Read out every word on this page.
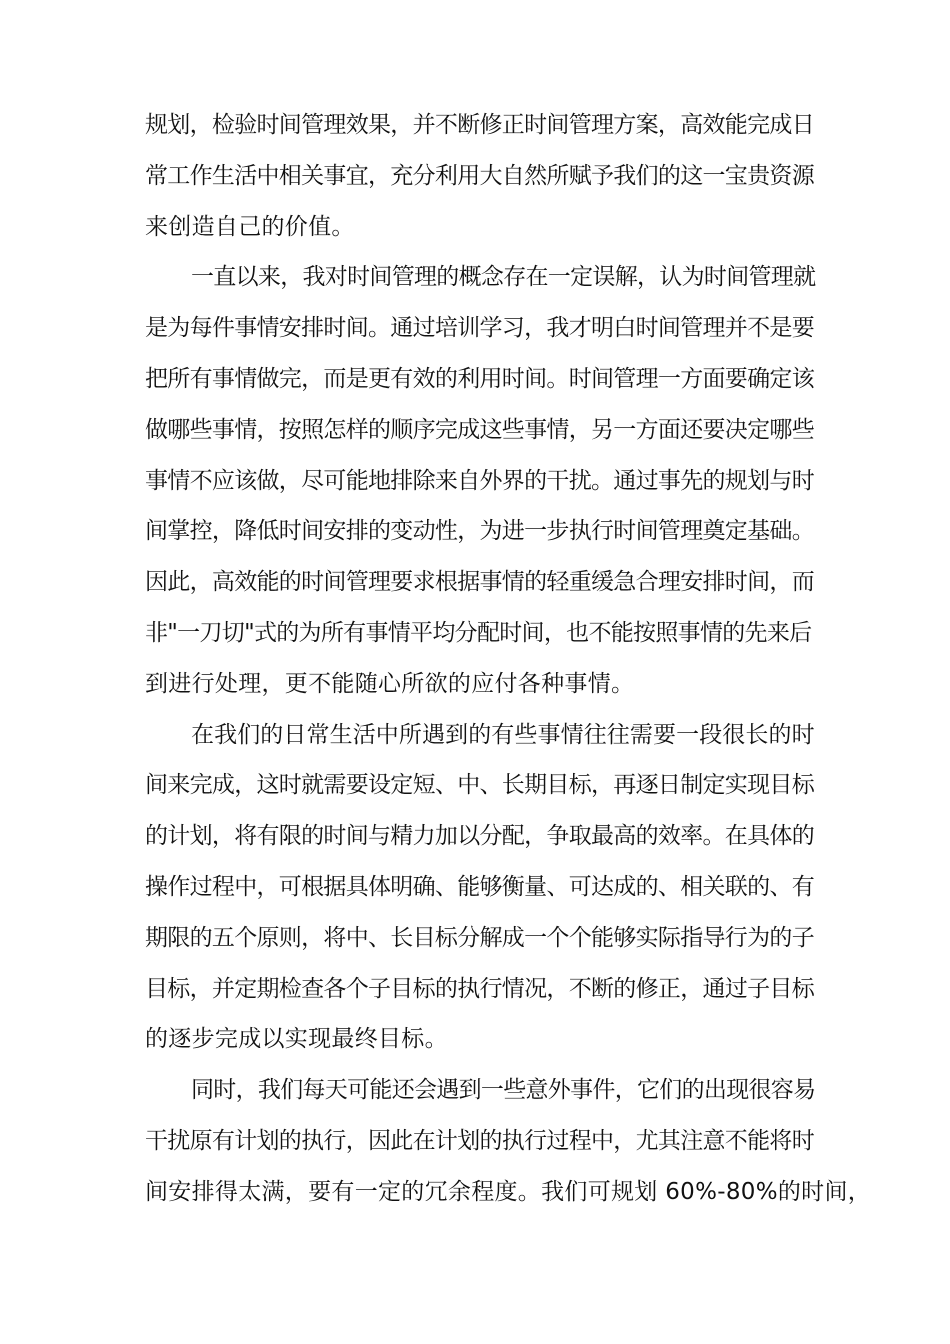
规划，检验时间管理效果，并不断修正时间管理方案，高效能完成日
常工作生活中相关事宜，充分利用大自然所赋予我们的这一宝贵资源
来创造自己的价值。
一直以来，我对时间管理的概念存在一定误解，认为时间管理就
是为每件事情安排时间。通过培训学习，我才明白时间管理并不是要
把所有事情做完，而是更有效的利用时间。时间管理一方面要确定该
做哪些事情，按照怎样的顺序完成这些事情，另一方面还要决定哪些
事情不应该做，尽可能地排除来自外界的干扰。通过事先的规划与时
间掌控，降低时间安排的变动性，为进一步执行时间管理奠定基础。
因此，高效能的时间管理要求根据事情的轻重缓急合理安排时间，而
非"一刀切"式的为所有事情平均分配时间，也不能按照事情的先来后
到进行处理，更不能随心所欲的应付各种事情。
在我们的日常生活中所遇到的有些事情往往需要一段很长的时
间来完成，这时就需要设定短、中、长期目标，再逐日制定实现目标
的计划，将有限的时间与精力加以分配，争取最高的效率。在具体的
操作过程中，可根据具体明确、能够衡量、可达成的、相关联的、有
期限的五个原则，将中、长目标分解成一个个能够实际指导行为的子
目标，并定期检查各个子目标的执行情况，不断的修正，通过子目标
的逐步完成以实现最终目标。
同时，我们每天可能还会遇到一些意外事件，它们的出现很容易
干扰原有计划的执行，因此在计划的执行过程中，尤其注意不能将时
间安排得太满，要有一定的冗余程度。我们可规划 60%-80%的时间，
